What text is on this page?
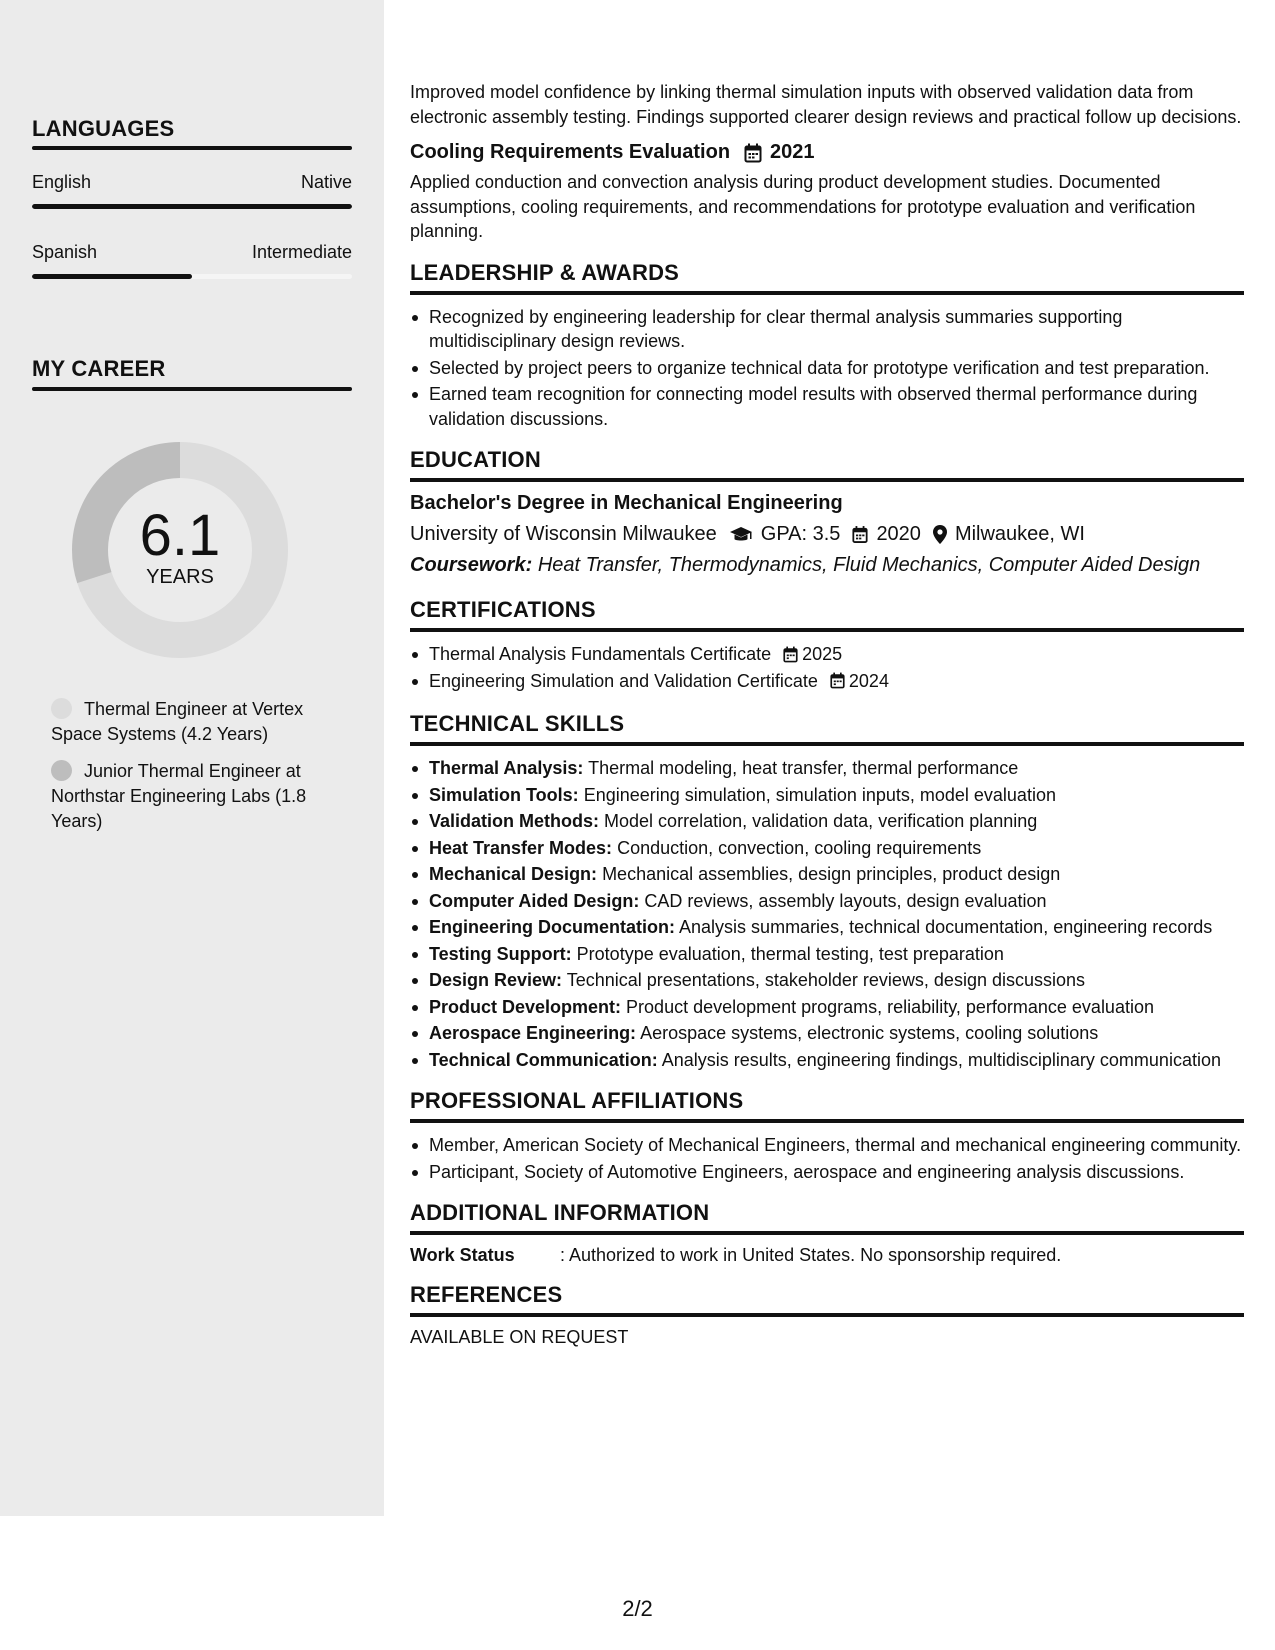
LANGUAGES
English	Native
Spanish	Intermediate
MY CAREER
6.1
YEARS
Thermal Engineer at Vertex Space Systems (4.2 Years)
Junior Thermal Engineer at Northstar Engineering Labs (1.8 Years)

Improved model confidence by linking thermal simulation inputs with observed validation data from electronic assembly testing. Findings supported clearer design reviews and practical follow up decisions.

Cooling Requirements Evaluation 2021

Applied conduction and convection analysis during product development studies. Documented assumptions, cooling requirements, and recommendations for prototype evaluation and verification planning.

LEADERSHIP & AWARDS
Recognized by engineering leadership for clear thermal analysis summaries supporting multidisciplinary design reviews.
Selected by project peers to organize technical data for prototype verification and test preparation.
Earned team recognition for connecting model results with observed thermal performance during validation discussions.
EDUCATION
Bachelor's Degree in Mechanical Engineering
University of Wisconsin Milwaukee GPA: 3.5 2020 Milwaukee, WI
Coursework: Heat Transfer, Thermodynamics, Fluid Mechanics, Computer Aided Design
CERTIFICATIONS
Thermal Analysis Fundamentals Certificate 2025
Engineering Simulation and Validation Certificate 2024
TECHNICAL SKILLS
Thermal Analysis: Thermal modeling, heat transfer, thermal performance
Simulation Tools: Engineering simulation, simulation inputs, model evaluation
Validation Methods: Model correlation, validation data, verification planning
Heat Transfer Modes: Conduction, convection, cooling requirements
Mechanical Design: Mechanical assemblies, design principles, product design
Computer Aided Design: CAD reviews, assembly layouts, design evaluation
Engineering Documentation: Analysis summaries, technical documentation, engineering records
Testing Support: Prototype evaluation, thermal testing, test preparation
Design Review: Technical presentations, stakeholder reviews, design discussions
Product Development: Product development programs, reliability, performance evaluation
Aerospace Engineering: Aerospace systems, electronic systems, cooling solutions
Technical Communication: Analysis results, engineering findings, multidisciplinary communication
PROFESSIONAL AFFILIATIONS
Member, American Society of Mechanical Engineers, thermal and mechanical engineering community.
Participant, Society of Automotive Engineers, aerospace and engineering analysis discussions.
ADDITIONAL INFORMATION
Work Status	: Authorized to work in United States. No sponsorship required.
REFERENCES
AVAILABLE ON REQUEST
2/2
